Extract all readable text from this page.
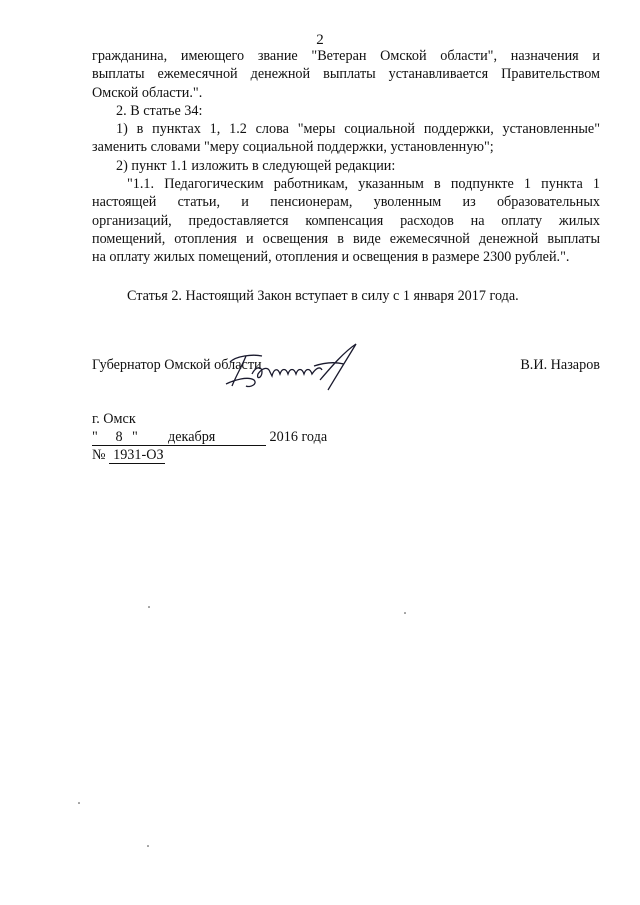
2

гражданина, имеющего звание "Ветеран Омской области", назначения и

выплаты ежемесячной денежной выплаты устанавливается Правительством

Омской области.".

2. В статье 34:

1) в пунктах 1, 1.2 слова "меры социальной поддержки, установленные"

заменить словами "меру социальной поддержки, установленную";

2) пункт 1.1 изложить в следующей редакции:

"1.1. Педагогическим работникам, указанным в подпункте 1 пункта 1

настоящей статьи, и пенсионерам, уволенным из образовательных

организаций, предоставляется компенсация расходов на оплату жилых

помещений, отопления и освещения в виде ежемесячной денежной выплаты

на оплату жилых помещений, отопления и освещения в размере 2300 рублей.".

Статья 2. Настоящий Закон вступает в силу с 1 января 2017 года.

Губернатор Омской области	В.И. Назаров
г. Омск
" 8 " декабря	2016 года
№ 1931-ОЗ
